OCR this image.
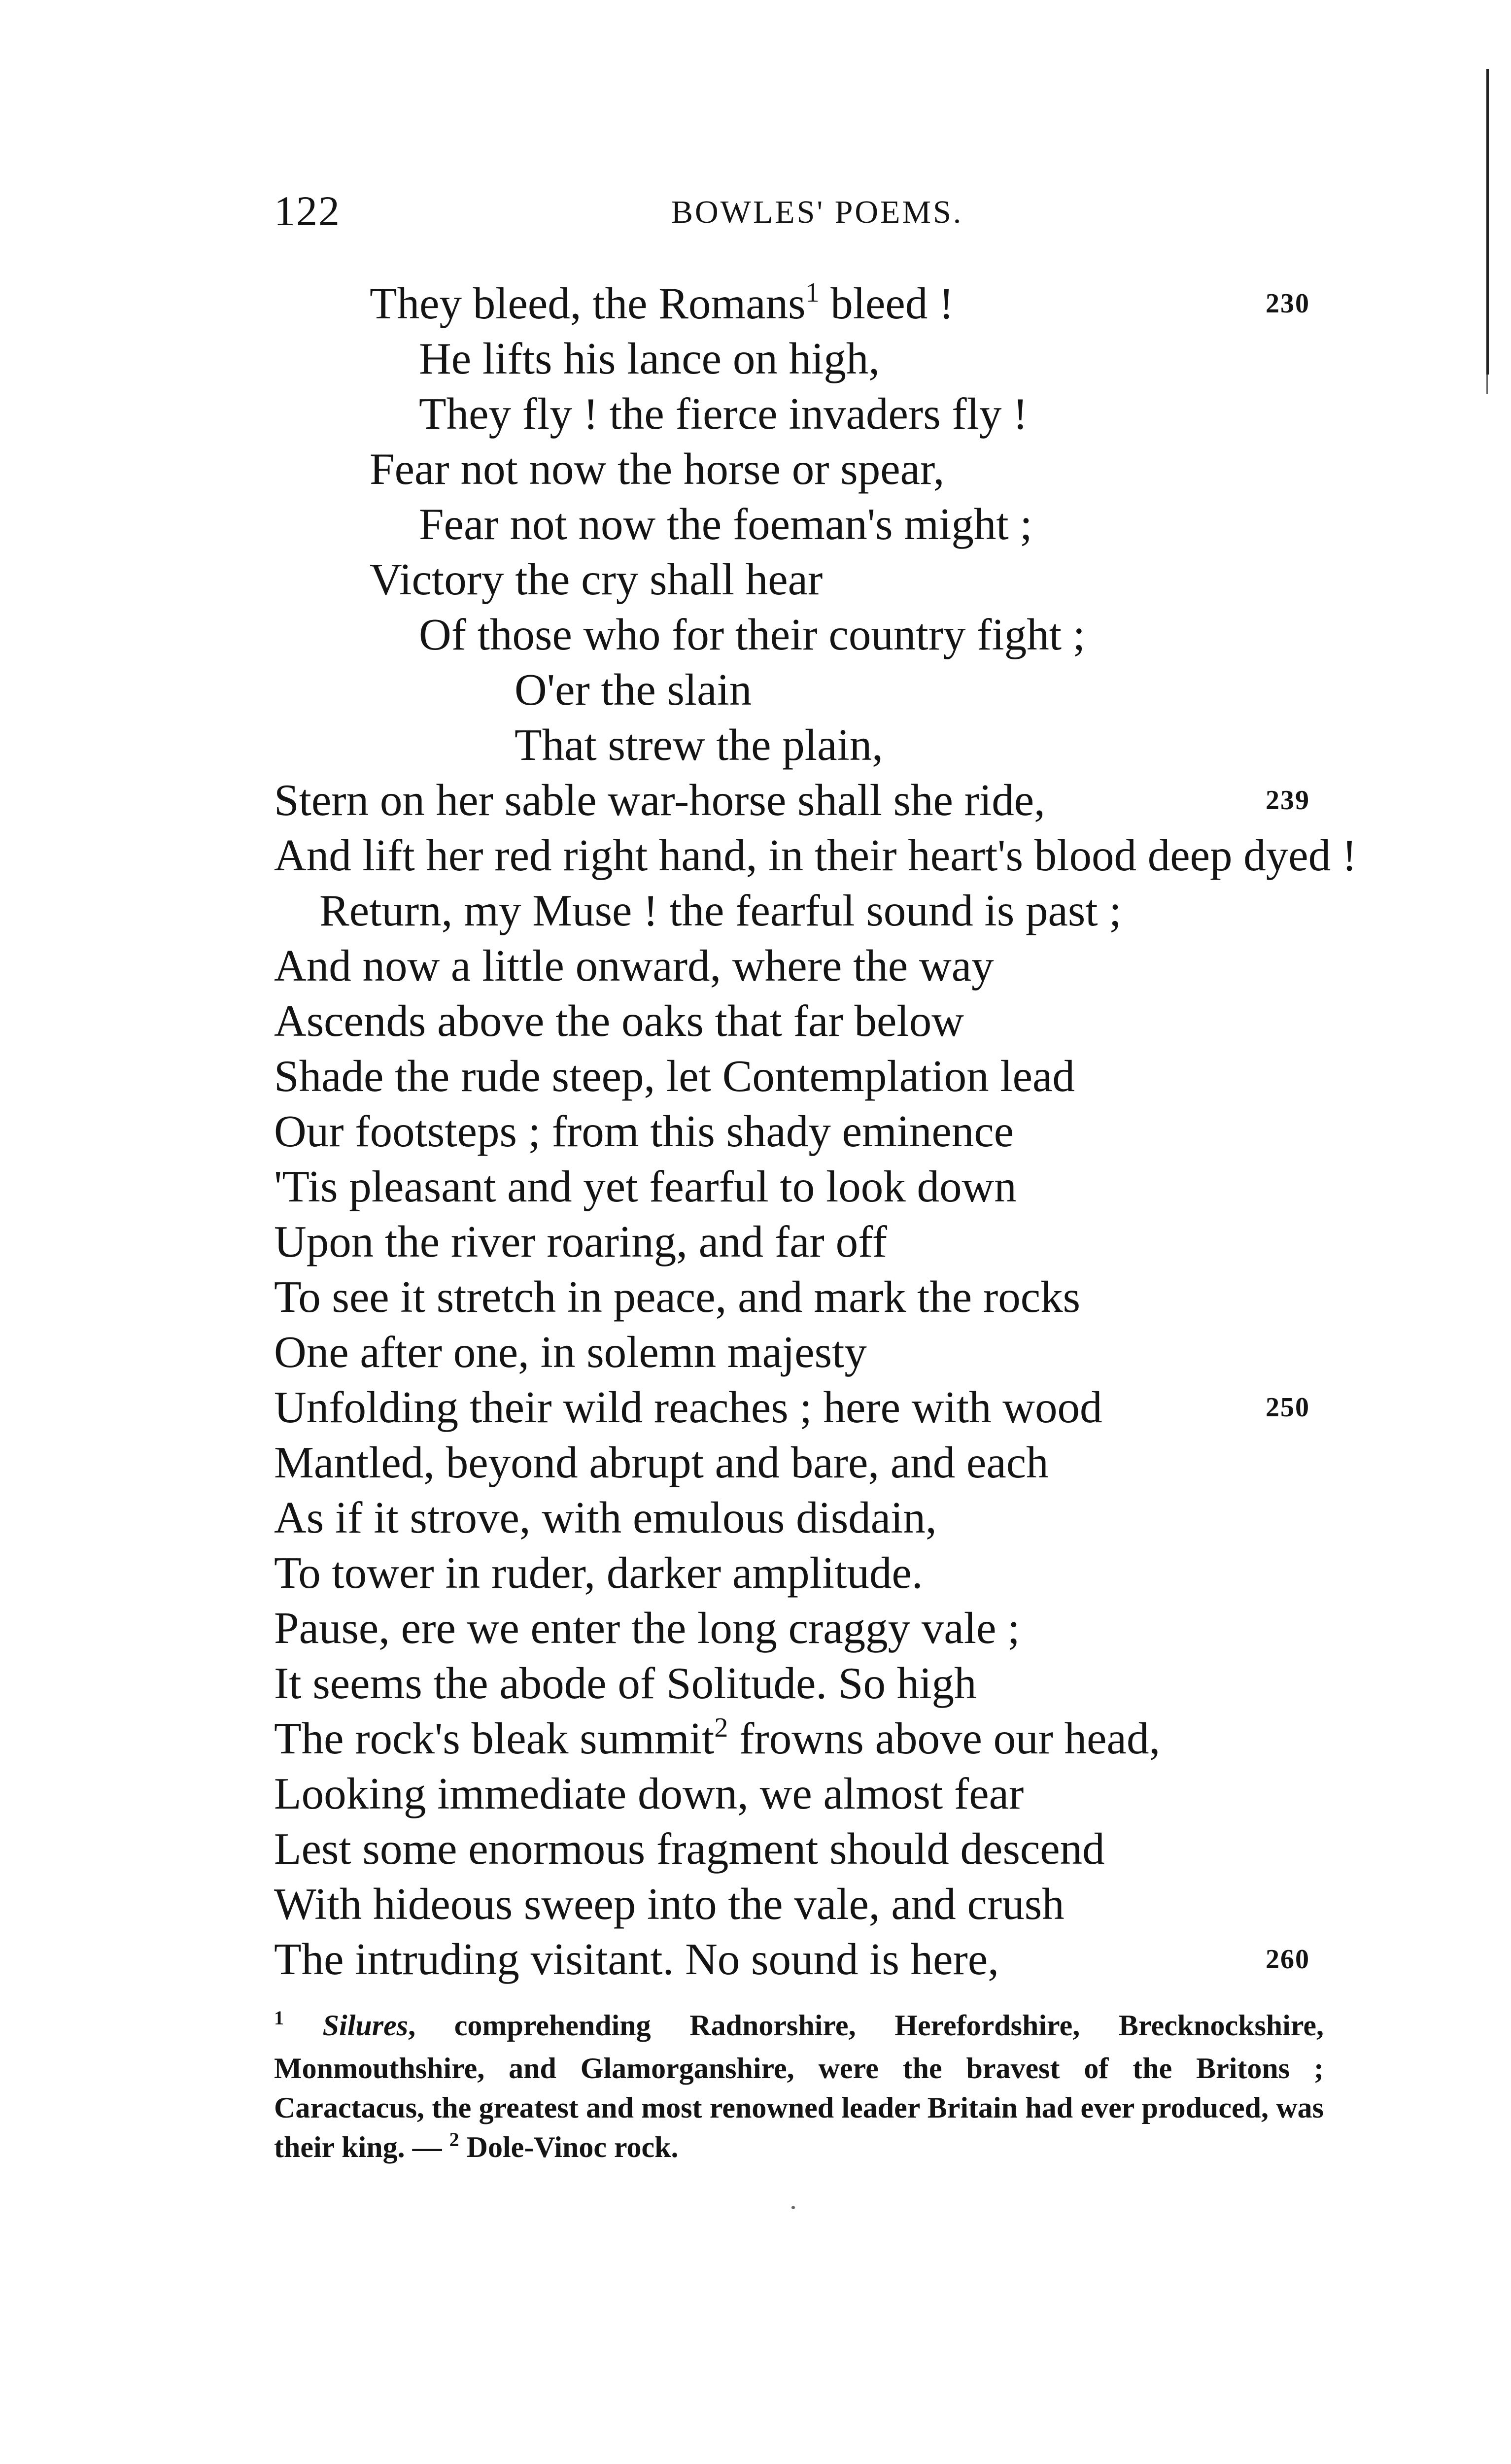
122	BOWLES' POEMS.
They bleed, the Romans$^1$ bleed !	230
He lifts his lance on high,
They fly ! the fierce invaders fly !
Fear not now the horse or spear,
Fear not now the foeman's might ;
Victory the cry shall hear
Of those who for their country fight ;
O'er the slain
That strew the plain,
Stern on her sable war-horse shall she ride,	239
And lift her red right hand, in their heart's blood deep dyed !
Return, my Muse ! the fearful sound is past ;
And now a little onward, where the way
Ascends above the oaks that far below
Shade the rude steep, let Contemplation lead
Our footsteps ; from this shady eminence
'Tis pleasant and yet fearful to look down
Upon the river roaring, and far off
To see it stretch in peace, and mark the rocks
One after one, in solemn majesty
Unfolding their wild reaches ; here with wood	250
Mantled, beyond abrupt and bare, and each
As if it strove, with emulous disdain,
To tower in ruder, darker amplitude.
Pause, ere we enter the long craggy vale ;
It seems the abode of Solitude. So high
The rock's bleak summit$^2$ frowns above our head,
Looking immediate down, we almost fear
Lest some enormous fragment should descend
With hideous sweep into the vale, and crush
The intruding visitant. No sound is here,	260
$^1$ Silures, comprehending Radnorshire, Herefordshire, Brecknockshire, Monmouthshire, and Glamorganshire, were the bravest of the Britons ; Caractacus, the greatest and most renowned leader Britain had ever produced, was their king. — $^2$ Dole-Vinoc rock.
